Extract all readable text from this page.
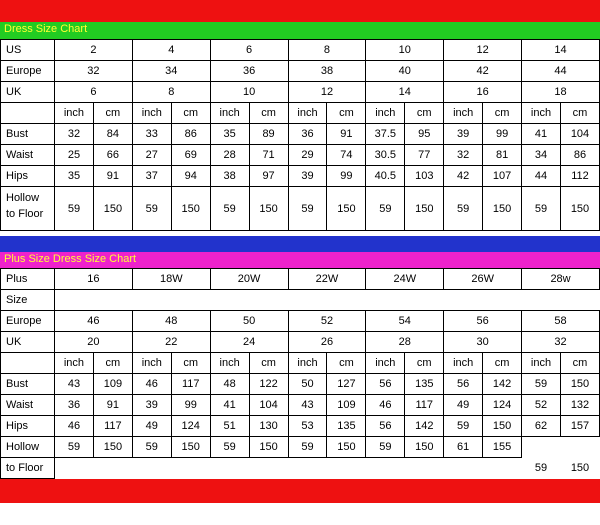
Dress Size Chart
US	2		4		6		8		10		12		14	
Europe	32		34		36		38		40		42		44	
UK	6		8		10		12		14		16		18	
	inch	cm	inch	cm	inch	cm	inch	cm	inch	cm	inch	cm	inch	cm
Bust	32	84	33	86	35	89	36	91	37.5	95	39	99	41	104
Waist	25	66	27	69	28	71	29	74	30.5	77	32	81	34	86
Hips	35	91	37	94	38	97	39	99	40.5	103	42	107	44	112

Hollow
to Floor	59	150	59	150	59	150	59	150	59	150	59	150	59	150
Plus Size Dress Size Chart
Plus	16		18W		20W		22W		24W		26W		28w	
Size														
Europe	46		48		50		52		54		56		58	
UK	20		22		24		26		28		30		32	
	inch	cm	inch	cm	inch	cm	inch	cm	inch	cm	inch	cm	inch	cm
Bust	43	109	46	117	48	122	50	127	56	135	56	142	59	150
Waist	36	91	39	99	41	104	43	109	46	117	49	124	52	132
Hips	46	117	49	124	51	130	53	135	56	142	59	150	62	157
Hollow	59	150	59	150	59	150	59	150	59	150	61	155		
to Floor													59	150
